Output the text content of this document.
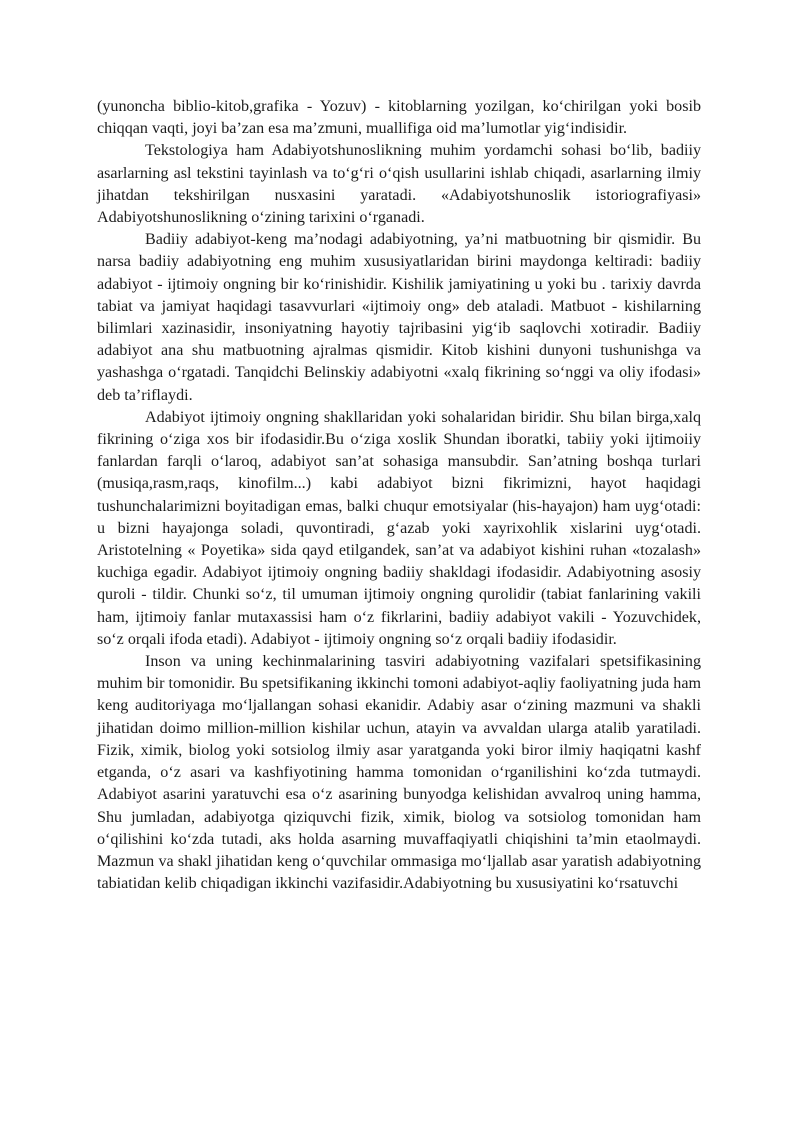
(yunoncha biblio-kitob,grafika - Yozuv) - kitoblarning yozilgan, ko‘chirilgan yoki bosib chiqqan vaqti, joyi ba’zan esa ma’zmuni, muallifiga oid ma’lumotlar yig‘indisidir.

Tekstologiya ham Adabiyotshunoslikning muhim yordamchi sohasi bo‘lib, badiiy asarlarning asl tekstini tayinlash va to‘g‘ri o‘qish usullarini ishlab chiqadi, asarlarning ilmiy jihatdan tekshirilgan nusxasini yaratadi. «Adabiyotshunoslik istoriografiyasi» Adabiyotshunoslikning o‘zining tarixini o‘rganadi.

Badiiy adabiyot-keng ma’nodagi adabiyotning, ya’ni matbuotning bir qismidir. Bu narsa badiiy adabiyotning eng muhim xususiyatlaridan birini maydonga keltiradi: badiiy adabiyot - ijtimoiy ongning bir ko‘rinishidir. Kishilik jamiyatining u yoki bu . tarixiy davrda tabiat va jamiyat haqidagi tasavvurlari «ijtimoiy ong» deb ataladi. Matbuot - kishilarning bilimlari xazinasidir, insoniyatning hayotiy tajribasini yig‘ib saqlovchi xotiradir. Badiiy adabiyot ana shu matbuotning ajralmas qismidir. Kitob kishini dunyoni tushunishga va yashashga o‘rgatadi. Tanqidchi Belinskiy adabiyotni «xalq fikrining so‘nggi va oliy ifodasi» deb ta’riflaydi.

Adabiyot ijtimoiy ongning shakllaridan yoki sohalaridan biridir. Shu bilan birga,xalq fikrining o‘ziga xos bir ifodasidir.Bu o‘ziga xoslik Shundan iboratki, tabiiy yoki ijtimoiiy fanlardan farqli o‘laroq, adabiyot san’at sohasiga mansubdir. San’atning boshqa turlari (musiqa,rasm,raqs, kinofilm...) kabi adabiyot bizni fikrimizni, hayot haqidagi tushunchalarimizni boyitadigan emas, balki chuqur emotsiyalar (his-hayajon) ham uyg‘otadi: u bizni hayajonga soladi, quvontiradi, g‘azab yoki xayrixohlik xislarini uyg‘otadi. Aristotelning « Poyetika» sida qayd etilgandek, san’at va adabiyot kishini ruhan «tozalash» kuchiga egadir. Adabiyot ijtimoiy ongning badiiy shakldagi ifodasidir. Adabiyotning asosiy quroli - tildir. Chunki so‘z, til umuman ijtimoiy ongning qurolidir (tabiat fanlarining vakili ham, ijtimoiy fanlar mutaxassisi ham o‘z fikrlarini, badiiy adabiyot vakili - Yozuvchidek, so‘z orqali ifoda etadi). Adabiyot - ijtimoiy ongning so‘z orqali badiiy ifodasidir.

Inson va uning kechinmalarining tasviri adabiyotning vazifalari spetsifikasining muhim bir tomonidir. Bu spetsifikaning ikkinchi tomoni adabiyot-aqliy faoliyatning juda ham keng auditoriyaga mo‘ljallangan sohasi ekanidir. Adabiy asar o‘zining mazmuni va shakli jihatidan doimo million-million kishilar uchun, atayin va avvaldan ularga atalib yaratiladi. Fizik, ximik, biolog yoki sotsiolog ilmiy asar yaratganda yoki biror ilmiy haqiqatni kashf etganda, o‘z asari va kashfiyotining hamma tomonidan o‘rganilishini ko‘zda tutmaydi. Adabiyot asarini yaratuvchi esa o‘z asarining bunyodga kelishidan avvalroq uning hamma, Shu jumladan, adabiyotga qiziquvchi fizik, ximik, biolog va sotsiolog tomonidan ham o‘qilishini ko‘zda tutadi, aks holda asarning muvaffaqiyatli chiqishini ta’min etaolmaydi. Mazmun va shakl jihatidan keng o‘quvchilar ommasiga mo‘ljallab asar yaratish adabiyotning tabiatidan kelib chiqadigan ikkinchi vazifasidir.Adabiyotning bu xususiyatini ko‘rsatuvchi
